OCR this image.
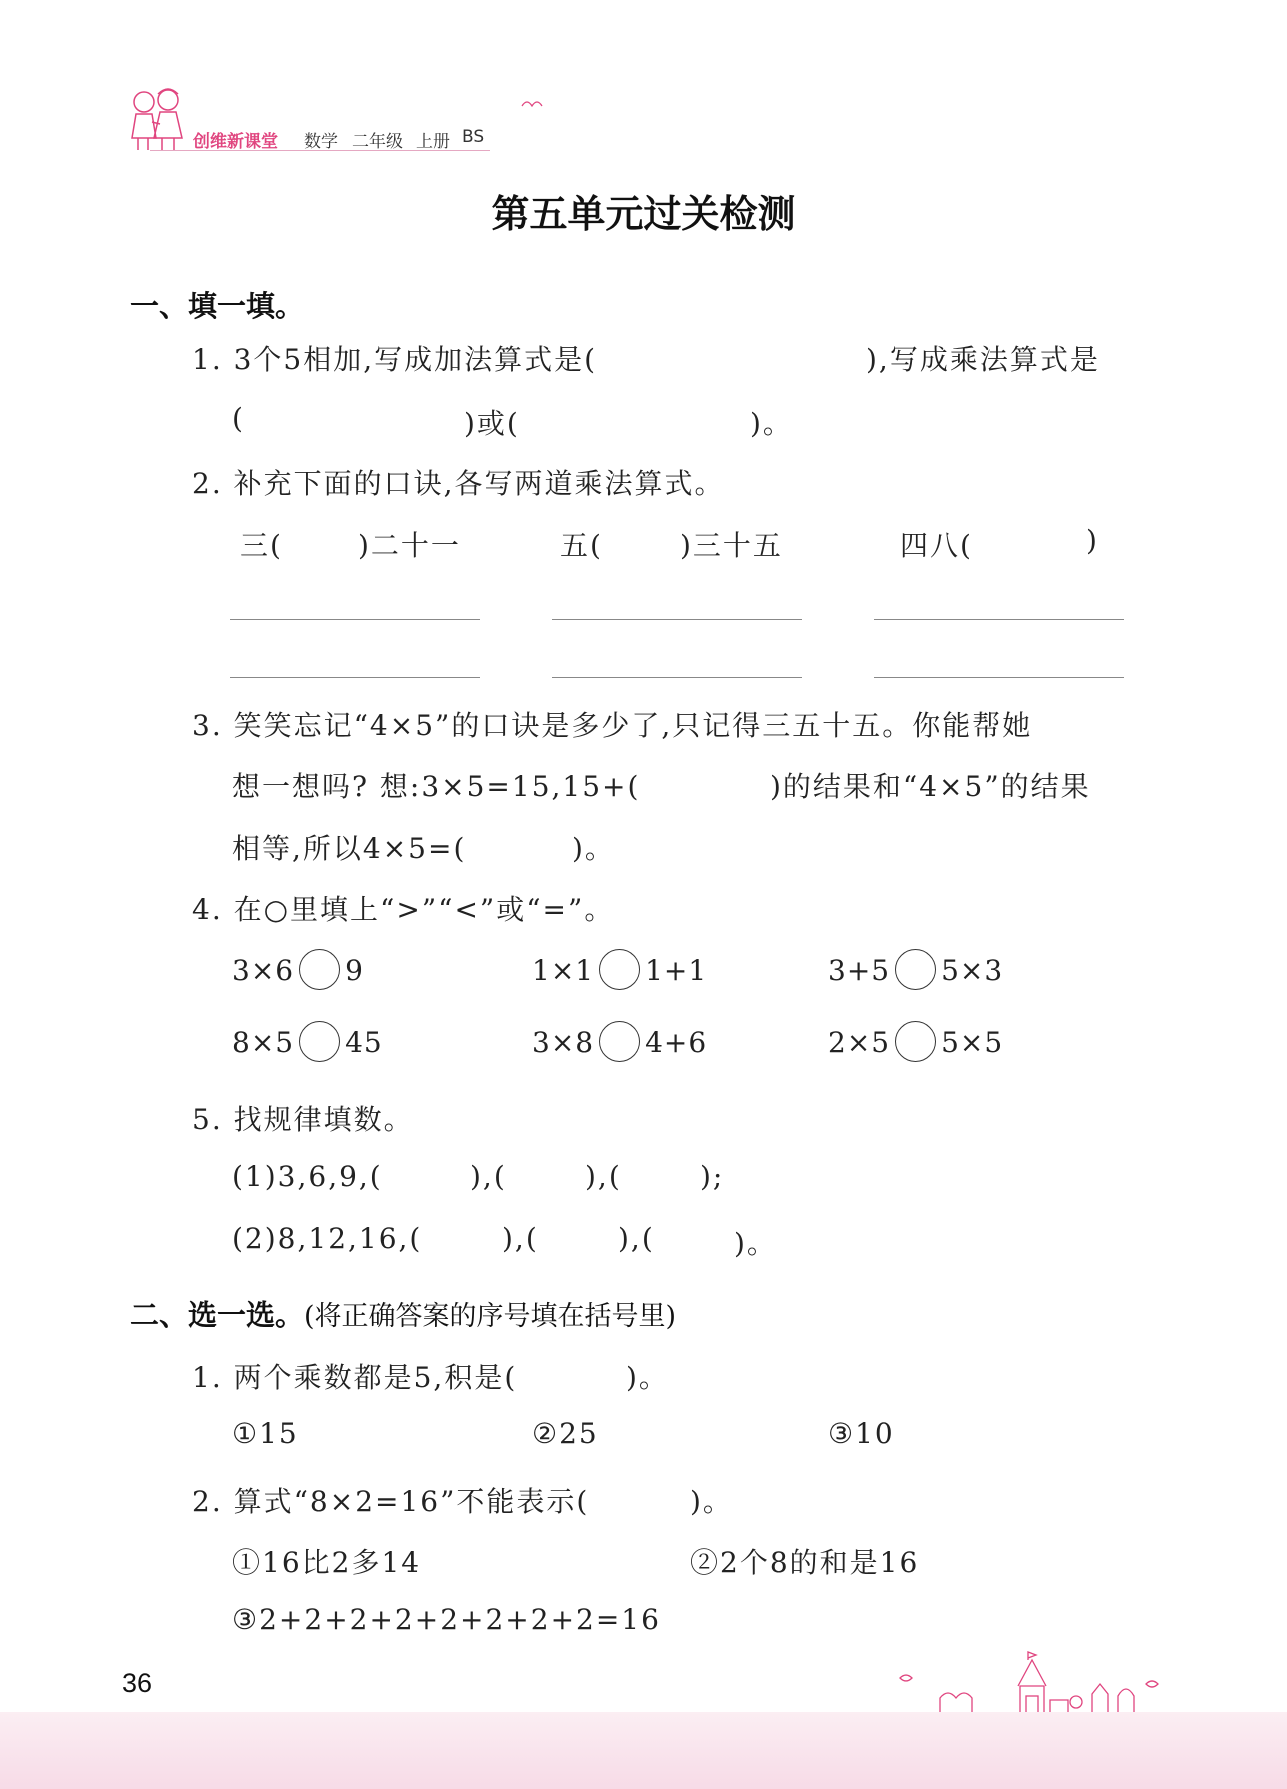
创维新课堂 数学 二年级 上册 BS
第五单元过关检测
一、填一填。
1. 3个5相加,写成加法算式是(	),写成乘法算式是
(	)或(	)。
2. 补充下面的口诀,各写两道乘法算式。
三(	)二十一	五(	)三十五	四八(	)
3. 笑笑忘记“4×5”的口诀是多少了,只记得三五十五。你能帮她
想一想吗? 想:3×5=15,15+(	)的结果和“4×5”的结果
相等,所以4×5=(	)。
4. 在○里填上“>”“<”或“=”。
3×6 9	1×1 1+1	3+5 5×3
8×5 45	3×8 4+6	2×5 5×5
5. 找规律填数。
(1)3,6,9,(	),(	),(	);
(2)8,12,16,(	),(	),(	)。
二、选一选。(将正确答案的序号填在括号里)
1. 两个乘数都是5,积是(	)。
①15	②25	③10
2. 算式“8×2=16”不能表示(	)。
①16比2多14	②2个8的和是16
③2+2+2+2+2+2+2+2=16
36
